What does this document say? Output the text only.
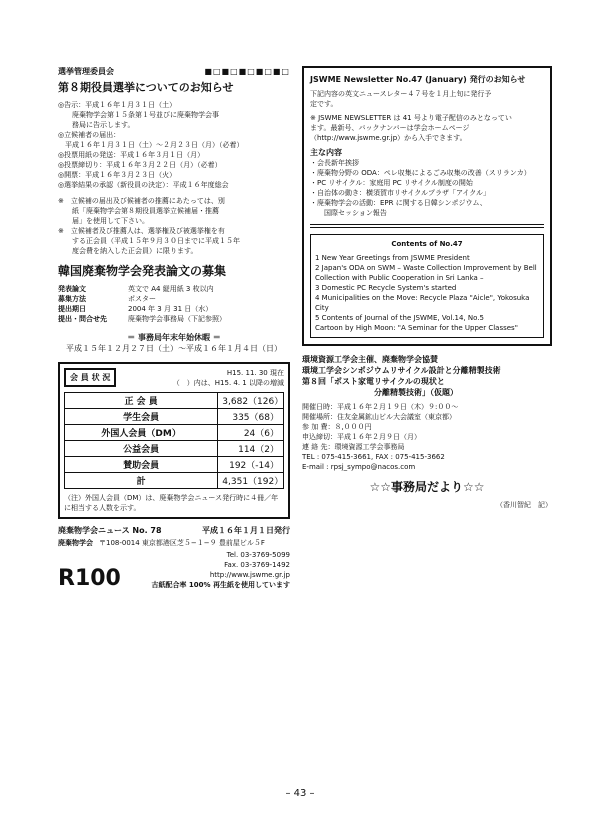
選挙管理委員会	■□■□■□■□■□
第８期役員選挙についてのお知らせ
◎告示：平成１６年１月３１日（土）
　　廃棄物学会第１５条第１号並びに廃棄物学会事
　　務局に告示します。
◎立候補者の届出：
　平成１６年１月３１日（土）〜２月２３日（月）（必着）
◎投票用紙の発送：平成１６年３月１日（月）
◎投票締切り：平成１６年３月２２日（月）（必着）
◎開票：平成１６年３月２３日（火）
◎選挙結果の承認（新役員の決定）：平成１６年度総会
※　立候補の届出及び候補者の推薦にあたっては、別
　　紙「廃棄物学会第８期役員選挙立候補届・推薦
　　届」を使用して下さい。
※　立候補者及び推薦人は、選挙権及び被選挙権を有
　　する正会員（平成１５年９月３０日までに平成１５年
　　度会費を納入した正会員）に限ります。
韓国廃棄物学会発表論文の募集
発表論文	英文で A4 縦用紙 3 枚以内
募集方法	ポスター
提出期日	2004 年 3 月 31 日（水）
提出・問合せ先	廃棄物学会事務局（下記参照）
＝ 事務局年末年始休暇 ＝
平成１５年１２月２７日（土）〜平成１６年１月４日（日）
会 員 状 況	H15. 11. 30 現在
（　）内は、H15. 4. 1 以降の増減
正 会 員	3,682（126）
学生会員	335（68）
外国人会員（DM）	24（6）
公益会員	114（2）
賛助会員	192（-14）
計	4,351（192）
（注）外国人会員（DM）は、廃棄物学会ニュース発行時に４冊／年に相当する人数を示す。
廃棄物学会ニュース No. 78	平成１６年１月１日発行
廃棄物学会 〒108-0014 東京都港区芝５−１−９ 豊前屋ビル５F
R100
Tel. 03-3769-5099
Fax. 03-3769-1492
http://www.jswme.gr.jp
古紙配合率 100% 再生紙を使用しています
JSWME Newsletter No.47 (January) 発行のお知らせ
下記内容の英文ニュースレター４７号を１月上旬に発行予
定です。
※ JSWME NEWSLETTER は 41 号より電子配信のみとなってい
ます。最新号、バックナンバーは学会ホームページ
（http://www.jswme.gr.jp）から入手できます。
主な内容
・会長新年挨拶
・廃棄物分野の ODA：ペレ収集によるごみ収集の改善（スリランカ）
・PC リサイクル：家庭用 PC リサイクル制度の開始
・自治体の動き：横須賀市リサイクルプラザ「アイクル」
・廃棄物学会の活動：EPR に関する日韓シンポジウム、
　　国際セッション報告
Contents of No.47
1 New Year Greetings from JSWME President
2 Japan's ODA on SWM – Waste Collection Improvement by Bell
Collection with Public Cooperation in Sri Lanka –
3 Domestic PC Recycle System's started
4 Municipalities on the Move: Recycle Plaza "Aicle", Yokosuka City
5 Contents of Journal of the JSWME, Vol.14, No.5
Cartoon by High Moon: "A Seminar for the Upper Classes"
環境資源工学会主催、廃棄物学会協賛
環境工学会シンポジウムリサイクル設計と分離精製技術
第８回「ポスト家電リサイクルの現状と
　　　　　　　　　分離精製技術」（仮題）
開催日時：平成１６年２月１９日（木）９:００〜
開催場所：住友金属鉱山ビル大会議室（東京都）
参 加 費：８,０００円
申込締切：平成１６年２月９日（月）
連 絡 先：環境資源工学会事務局
TEL : 075-415-3661, FAX : 075-415-3662
E-mail : rpsj_sympo@nacos.com
☆☆事務局だより☆☆
（香川智紀　記）
– 43 –
